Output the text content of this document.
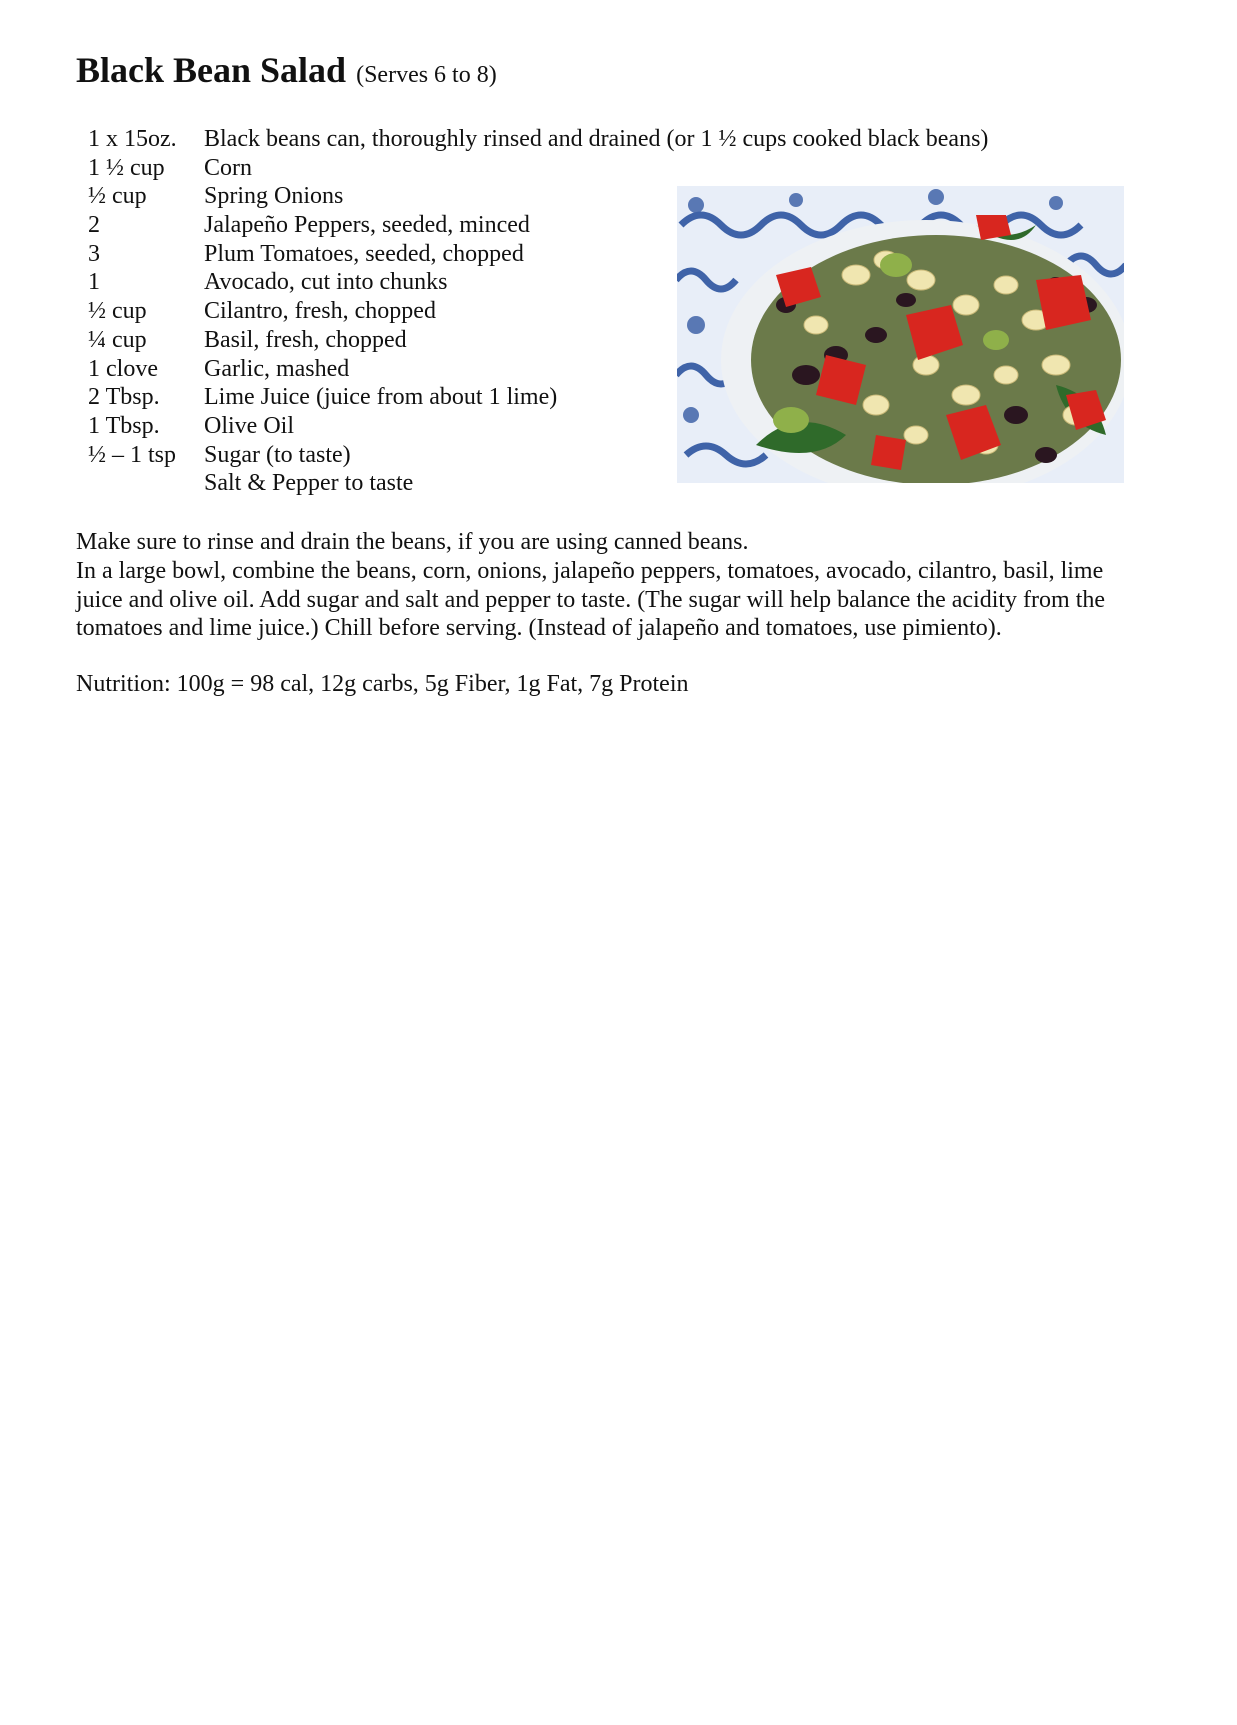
Black Bean Salad (Serves 6 to 8)
1 x 15oz.	Black beans can, thoroughly rinsed and drained (or 1 ½ cups cooked black beans)
1 ½ cup	Corn
½ cup	Spring Onions
2	Jalapeño Peppers, seeded, minced
3	Plum Tomatoes, seeded, chopped
1	Avocado, cut into chunks
½ cup	Cilantro, fresh, chopped
¼ cup	Basil, fresh, chopped
1 clove	Garlic, mashed
2 Tbsp.	Lime Juice (juice from about 1 lime)
1 Tbsp.	Olive Oil
½ – 1 tsp	Sugar (to taste)
Salt & Pepper to taste

Make sure to rinse and drain the beans, if you are using canned beans.

In a large bowl, combine the beans, corn, onions, jalapeño peppers, tomatoes, avocado, cilantro, basil, lime juice and olive oil. Add sugar and salt and pepper to taste. (The sugar will help balance the acidity from the tomatoes and lime juice.) Chill before serving. (Instead of jalapeño and tomatoes, use pimiento).

Nutrition: 100g = 98 cal, 12g carbs, 5g Fiber, 1g Fat, 7g Protein
